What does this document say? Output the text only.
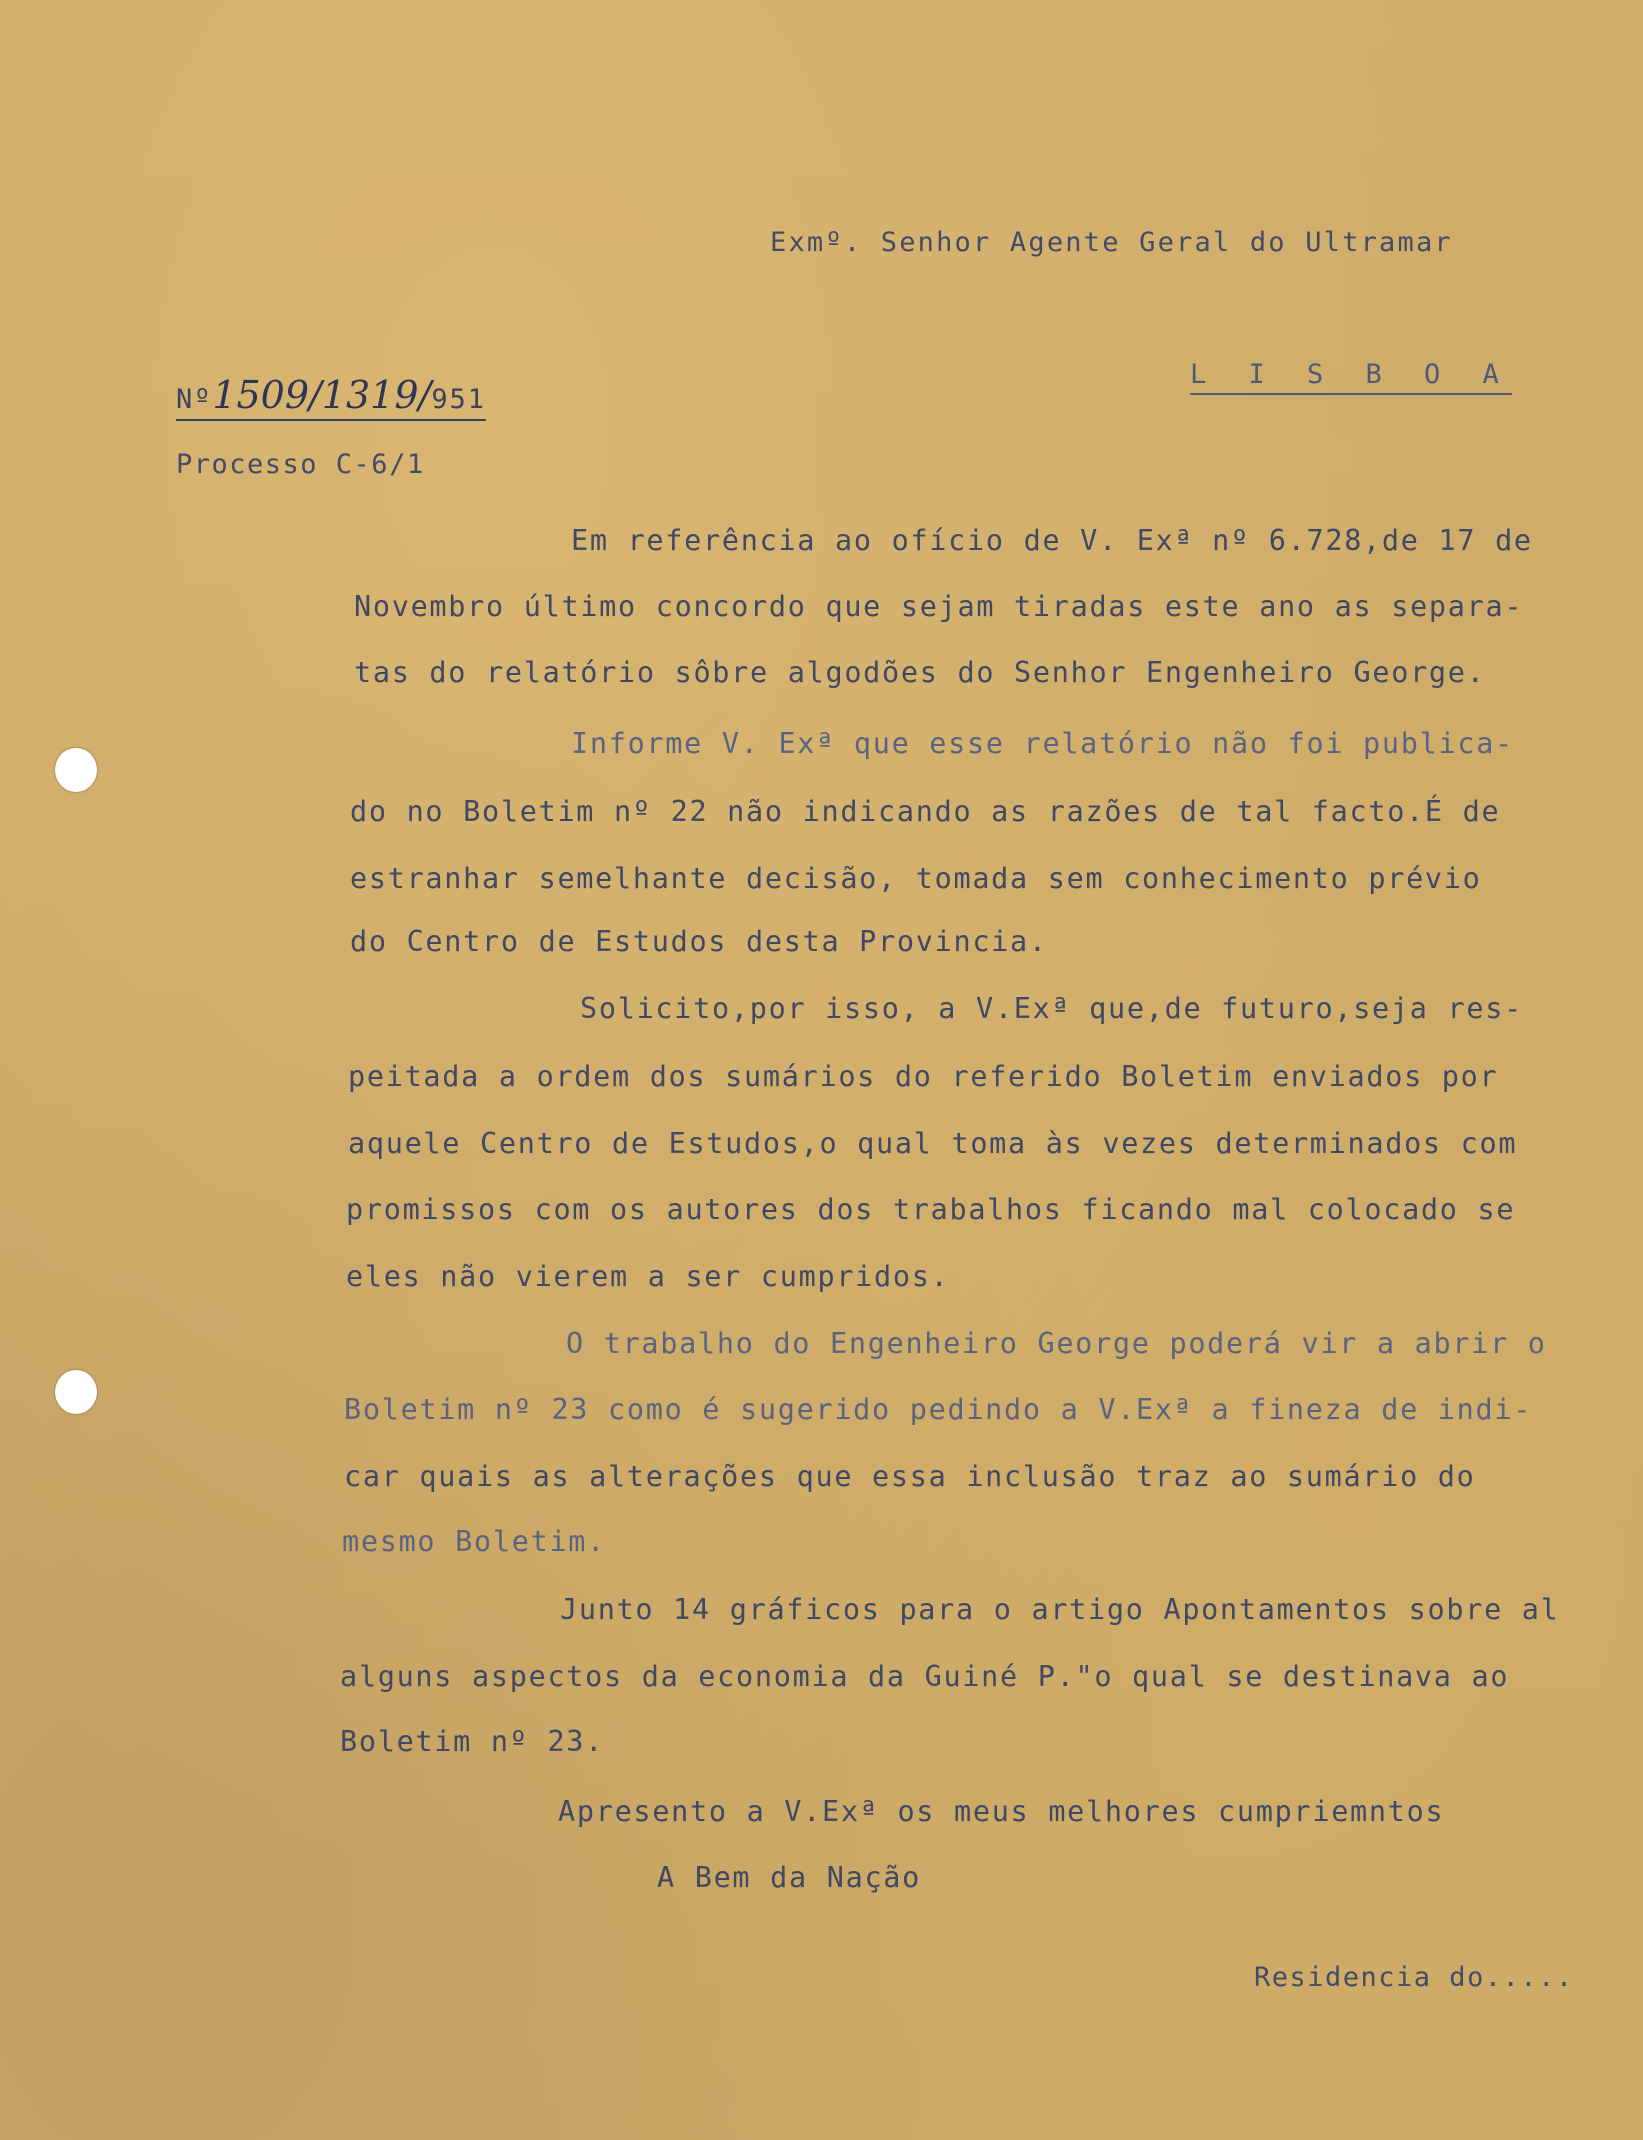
Exmº. Senhor Agente Geral do Ultramar
L I S B O A
Nº1509/1319/951
Processo C-6/1
Em referência ao ofício de V. Exª nº 6.728,de 17 de
Novembro último concordo que sejam tiradas este ano as separa-
tas do relatório sôbre algodões do Senhor Engenheiro George.
Informe V. Exª que esse relatório não foi publica-
do no Boletim nº 22 não indicando as razões de tal facto.É de
estranhar semelhante decisão, tomada sem conhecimento prévio
do Centro de Estudos desta Provincia.
Solicito,por isso, a V.Exª que,de futuro,seja res-
peitada a ordem dos sumários do referido Boletim enviados por
aquele Centro de Estudos,o qual toma às vezes determinados com
promissos com os autores dos trabalhos ficando mal colocado se
eles não vierem a ser cumpridos.
O trabalho do Engenheiro George poderá vir a abrir o
Boletim nº 23 como é sugerido pedindo a V.Exª a fineza de indi-
car quais as alterações que essa inclusão traz ao sumário do
mesmo Boletim.
Junto 14 gráficos para o artigo Apontamentos sobre al
alguns aspectos da economia da Guiné P."o qual se destinava ao
Boletim nº 23.
Apresento a V.Exª os meus melhores cumpriemntos
A Bem da Nação
Residencia do.....
